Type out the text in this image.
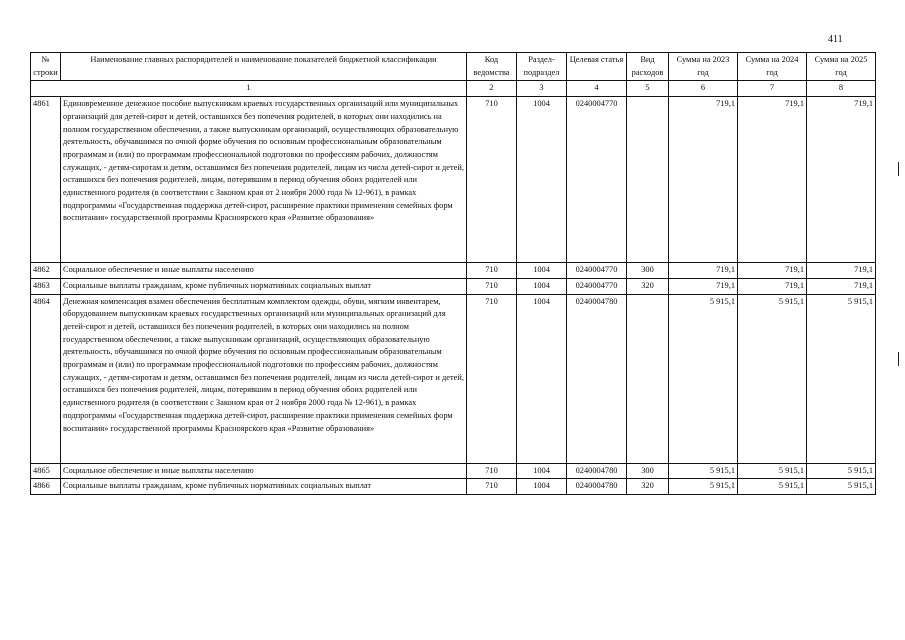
411
№ строки	Наименование главных распорядителей и наименование показателей бюджетной классификации	Код ведомства	Раздел-подраздел	Целевая статья	Вид расходов	Сумма на 2023 год	Сумма на 2024 год	Сумма на 2025 год
1		2	3	4	5	6	7	8
4861	Единовременное денежное пособие выпускникам краевых государственных организаций или муниципальных организаций для детей-сирот и детей, оставшихся без попечения родителей, в которых они находились на полном государственном обеспечении, а также выпускникам организаций, осуществляющих образовательную деятельность, обучавшимся по очной форме обучения по основным профессиональным образовательным программам и (или) по программам профессиональной подготовки по профессиям рабочих, должностям служащих, - детям-сиротам и детям, оставшимся без попечения родителей, лицам из числа детей-сирот и детей, оставшихся без попечения родителей, лицам, потерявшим в период обучения обоих родителей или единственного родителя (в соответствии с Законом края от 2 ноября 2000 года № 12-961), в рамках подпрограммы «Государственная поддержка детей-сирот, расширение практики применения семейных форм воспитания» государственной программы Красноярского края «Развитие образования»	710	1004	0240004770		719,1	719,1	719,1
4862	Социальное обеспечение и иные выплаты населению	710	1004	0240004770	300	719,1	719,1	719,1
4863	Социальные выплаты гражданам, кроме публичных нормативных социальных выплат	710	1004	0240004770	320	719,1	719,1	719,1
4864	Денежная компенсация взамен обеспечения бесплатным комплектом одежды, обуви, мягким инвентарем, оборудованием выпускникам краевых государственных организаций или муниципальных организаций для детей-сирот и детей, оставшихся без попечения родителей, в которых они находились на полном государственном обеспечении, а также выпускникам организаций, осуществляющих образовательную деятельность, обучавшимся по очной форме обучения по основным профессиональным образовательным программам и (или) по программам профессиональной подготовки по профессиям рабочих, должностям служащих, - детям-сиротам и детям, оставшимся без попечения родителей, лицам из числа детей-сирот и детей, оставшихся без попечения родителей, лицам, потерявшим в период обучения обоих родителей или единственного родителя (в соответствии с Законом края от 2 ноября 2000 года № 12-961), в рамках подпрограммы «Государственная поддержка детей-сирот, расширение практики применения семейных форм воспитания» государственной программы Красноярского края «Развитие образования»	710	1004	0240004780		5 915,1	5 915,1	5 915,1
4865	Социальное обеспечение и иные выплаты населению	710	1004	0240004780	300	5 915,1	5 915,1	5 915,1
4866	Социальные выплаты гражданам, кроме публичных нормативных социальных выплат	710	1004	0240004780	320	5 915,1	5 915,1	5 915,1
